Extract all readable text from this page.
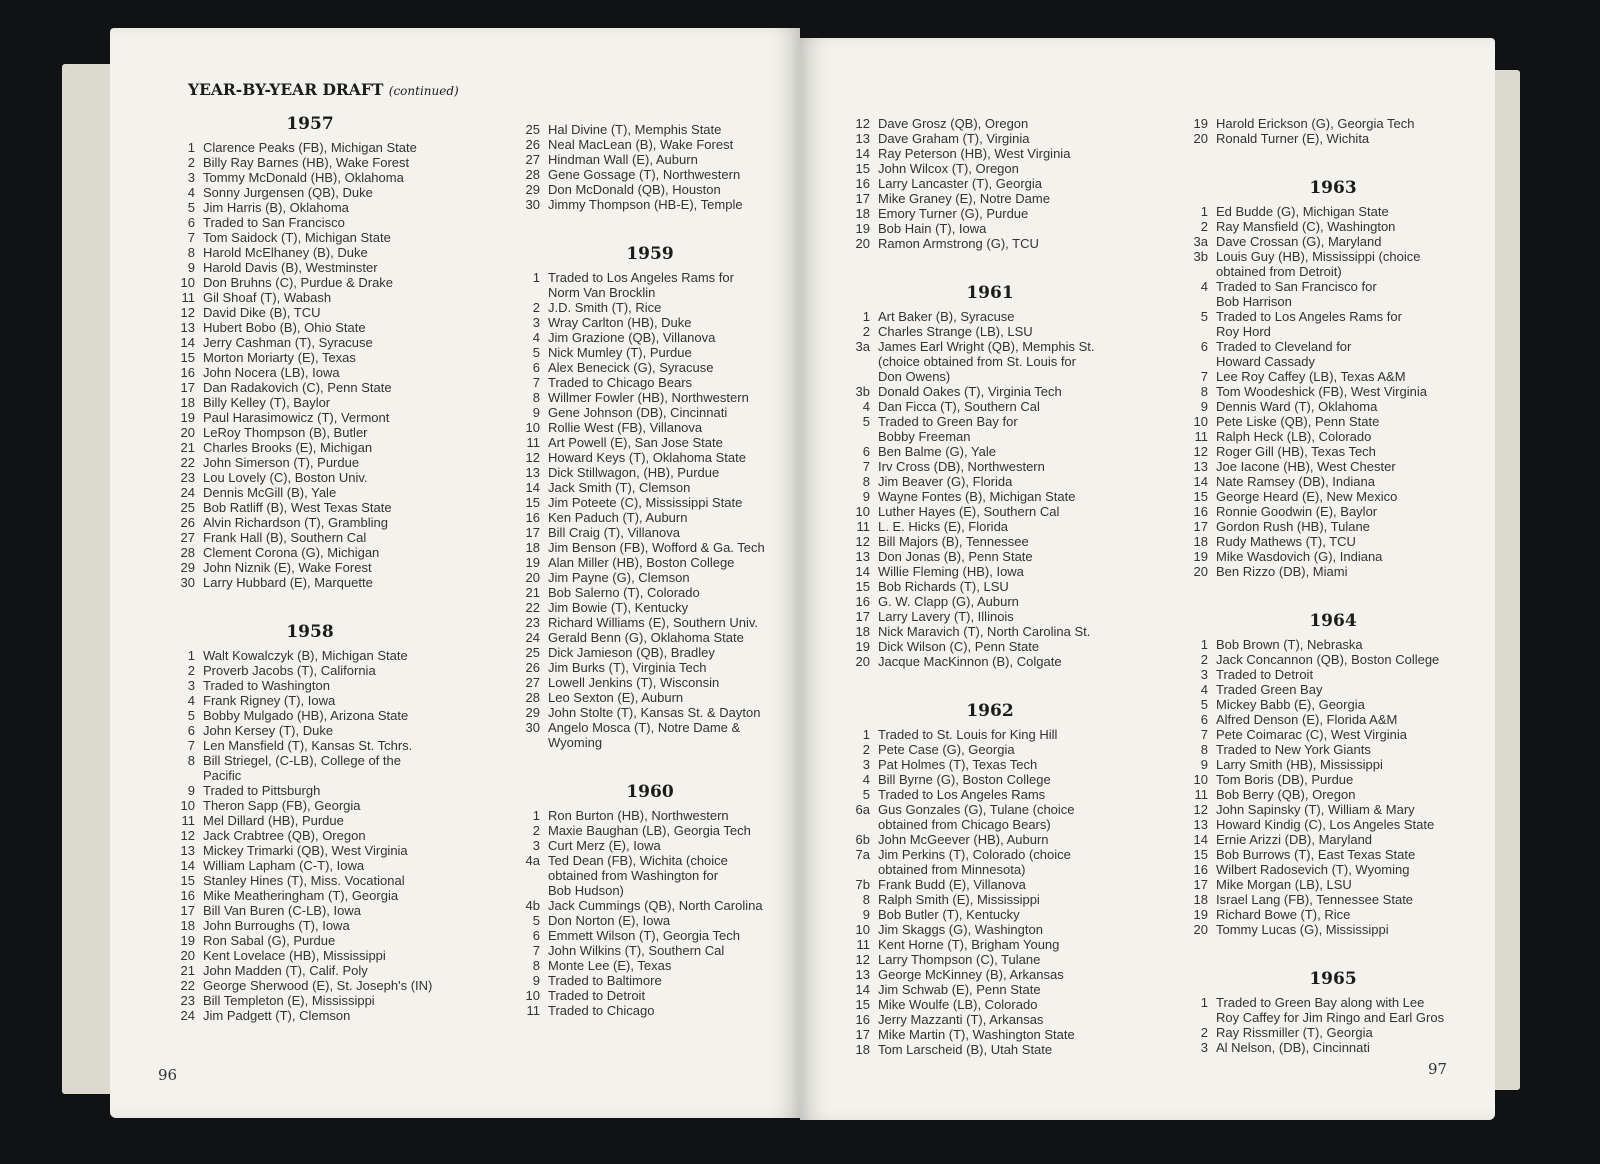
YEAR-BY-YEAR DRAFT (continued)
1957
1 Clarence Peaks (FB), Michigan State
2 Billy Ray Barnes (HB), Wake Forest
3 Tommy McDonald (HB), Oklahoma
4 Sonny Jurgensen (QB), Duke
5 Jim Harris (B), Oklahoma
6 Traded to San Francisco
7 Tom Saidock (T), Michigan State
8 Harold McElhaney (B), Duke
9 Harold Davis (B), Westminster
10 Don Bruhns (C), Purdue & Drake
11 Gil Shoaf (T), Wabash
12 David Dike (B), TCU
13 Hubert Bobo (B), Ohio State
14 Jerry Cashman (T), Syracuse
15 Morton Moriarty (E), Texas
16 John Nocera (LB), Iowa
17 Dan Radakovich (C), Penn State
18 Billy Kelley (T), Baylor
19 Paul Harasimowicz (T), Vermont
20 LeRoy Thompson (B), Butler
21 Charles Brooks (E), Michigan
22 John Simerson (T), Purdue
23 Lou Lovely (C), Boston Univ.
24 Dennis McGill (B), Yale
25 Bob Ratliff (B), West Texas State
26 Alvin Richardson (T), Grambling
27 Frank Hall (B), Southern Cal
28 Clement Corona (G), Michigan
29 John Niznik (E), Wake Forest
30 Larry Hubbard (E), Marquette
1958
1 Walt Kowalczyk (B), Michigan State
2 Proverb Jacobs (T), California
3 Traded to Washington
4 Frank Rigney (T), Iowa
5 Bobby Mulgado (HB), Arizona State
6 John Kersey (T), Duke
7 Len Mansfield (T), Kansas St. Tchrs.
8 Bill Striegel, (C-LB), College of the
Pacific
9 Traded to Pittsburgh
10 Theron Sapp (FB), Georgia
11 Mel Dillard (HB), Purdue
12 Jack Crabtree (QB), Oregon
13 Mickey Trimarki (QB), West Virginia
14 William Lapham (C-T), Iowa
15 Stanley Hines (T), Miss. Vocational
16 Mike Meatheringham (T), Georgia
17 Bill Van Buren (C-LB), Iowa
18 John Burroughs (T), Iowa
19 Ron Sabal (G), Purdue
20 Kent Lovelace (HB), Mississippi
21 John Madden (T), Calif. Poly
22 George Sherwood (E), St. Joseph's (IN)
23 Bill Templeton (E), Mississippi
24 Jim Padgett (T), Clemson
25 Hal Divine (T), Memphis State
26 Neal MacLean (B), Wake Forest
27 Hindman Wall (E), Auburn
28 Gene Gossage (T), Northwestern
29 Don McDonald (QB), Houston
30 Jimmy Thompson (HB-E), Temple
1959
1 Traded to Los Angeles Rams for
Norm Van Brocklin
2 J.D. Smith (T), Rice
3 Wray Carlton (HB), Duke
4 Jim Grazione (QB), Villanova
5 Nick Mumley (T), Purdue
6 Alex Benecick (G), Syracuse
7 Traded to Chicago Bears
8 Willmer Fowler (HB), Northwestern
9 Gene Johnson (DB), Cincinnati
10 Rollie West (FB), Villanova
11 Art Powell (E), San Jose State
12 Howard Keys (T), Oklahoma State
13 Dick Stillwagon, (HB), Purdue
14 Jack Smith (T), Clemson
15 Jim Poteete (C), Mississippi State
16 Ken Paduch (T), Auburn
17 Bill Craig (T), Villanova
18 Jim Benson (FB), Wofford & Ga. Tech
19 Alan Miller (HB), Boston College
20 Jim Payne (G), Clemson
21 Bob Salerno (T), Colorado
22 Jim Bowie (T), Kentucky
23 Richard Williams (E), Southern Univ.
24 Gerald Benn (G), Oklahoma State
25 Dick Jamieson (QB), Bradley
26 Jim Burks (T), Virginia Tech
27 Lowell Jenkins (T), Wisconsin
28 Leo Sexton (E), Auburn
29 John Stolte (T), Kansas St. & Dayton
30 Angelo Mosca (T), Notre Dame &
Wyoming
1960
1 Ron Burton (HB), Northwestern
2 Maxie Baughan (LB), Georgia Tech
3 Curt Merz (E), Iowa
4a Ted Dean (FB), Wichita (choice
obtained from Washington for
Bob Hudson)
4b Jack Cummings (QB), North Carolina
5 Don Norton (E), Iowa
6 Emmett Wilson (T), Georgia Tech
7 John Wilkins (T), Southern Cal
8 Monte Lee (E), Texas
9 Traded to Baltimore
10 Traded to Detroit
11 Traded to Chicago
96
12 Dave Grosz (QB), Oregon
13 Dave Graham (T), Virginia
14 Ray Peterson (HB), West Virginia
15 John Wilcox (T), Oregon
16 Larry Lancaster (T), Georgia
17 Mike Graney (E), Notre Dame
18 Emory Turner (G), Purdue
19 Bob Hain (T), Iowa
20 Ramon Armstrong (G), TCU
1961
1 Art Baker (B), Syracuse
2 Charles Strange (LB), LSU
3a James Earl Wright (QB), Memphis St.
(choice obtained from St. Louis for
Don Owens)
3b Donald Oakes (T), Virginia Tech
4 Dan Ficca (T), Southern Cal
5 Traded to Green Bay for
Bobby Freeman
6 Ben Balme (G), Yale
7 Irv Cross (DB), Northwestern
8 Jim Beaver (G), Florida
9 Wayne Fontes (B), Michigan State
10 Luther Hayes (E), Southern Cal
11 L. E. Hicks (E), Florida
12 Bill Majors (B), Tennessee
13 Don Jonas (B), Penn State
14 Willie Fleming (HB), Iowa
15 Bob Richards (T), LSU
16 G. W. Clapp (G), Auburn
17 Larry Lavery (T), Illinois
18 Nick Maravich (T), North Carolina St.
19 Dick Wilson (C), Penn State
20 Jacque MacKinnon (B), Colgate
1962
1 Traded to St. Louis for King Hill
2 Pete Case (G), Georgia
3 Pat Holmes (T), Texas Tech
4 Bill Byrne (G), Boston College
5 Traded to Los Angeles Rams
6a Gus Gonzales (G), Tulane (choice
obtained from Chicago Bears)
6b John McGeever (HB), Auburn
7a Jim Perkins (T), Colorado (choice
obtained from Minnesota)
7b Frank Budd (E), Villanova
8 Ralph Smith (E), Mississippi
9 Bob Butler (T), Kentucky
10 Jim Skaggs (G), Washington
11 Kent Horne (T), Brigham Young
12 Larry Thompson (C), Tulane
13 George McKinney (B), Arkansas
14 Jim Schwab (E), Penn State
15 Mike Woulfe (LB), Colorado
16 Jerry Mazzanti (T), Arkansas
17 Mike Martin (T), Washington State
18 Tom Larscheid (B), Utah State
19 Harold Erickson (G), Georgia Tech
20 Ronald Turner (E), Wichita
1963
1 Ed Budde (G), Michigan State
2 Ray Mansfield (C), Washington
3a Dave Crossan (G), Maryland
3b Louis Guy (HB), Mississippi (choice
obtained from Detroit)
4 Traded to San Francisco for
Bob Harrison
5 Traded to Los Angeles Rams for
Roy Hord
6 Traded to Cleveland for
Howard Cassady
7 Lee Roy Caffey (LB), Texas A&M
8 Tom Woodeshick (FB), West Virginia
9 Dennis Ward (T), Oklahoma
10 Pete Liske (QB), Penn State
11 Ralph Heck (LB), Colorado
12 Roger Gill (HB), Texas Tech
13 Joe Iacone (HB), West Chester
14 Nate Ramsey (DB), Indiana
15 George Heard (E), New Mexico
16 Ronnie Goodwin (E), Baylor
17 Gordon Rush (HB), Tulane
18 Rudy Mathews (T), TCU
19 Mike Wasdovich (G), Indiana
20 Ben Rizzo (DB), Miami
1964
1 Bob Brown (T), Nebraska
2 Jack Concannon (QB), Boston College
3 Traded to Detroit
4 Traded Green Bay
5 Mickey Babb (E), Georgia
6 Alfred Denson (E), Florida A&M
7 Pete Coimarac (C), West Virginia
8 Traded to New York Giants
9 Larry Smith (HB), Mississippi
10 Tom Boris (DB), Purdue
11 Bob Berry (QB), Oregon
12 John Sapinsky (T), William & Mary
13 Howard Kindig (C), Los Angeles State
14 Ernie Arizzi (DB), Maryland
15 Bob Burrows (T), East Texas State
16 Wilbert Radosevich (T), Wyoming
17 Mike Morgan (LB), LSU
18 Israel Lang (FB), Tennessee State
19 Richard Bowe (T), Rice
20 Tommy Lucas (G), Mississippi
1965
1 Traded to Green Bay along with Lee
Roy Caffey for Jim Ringo and Earl Gros
2 Ray Rissmiller (T), Georgia
3 Al Nelson, (DB), Cincinnati
97
